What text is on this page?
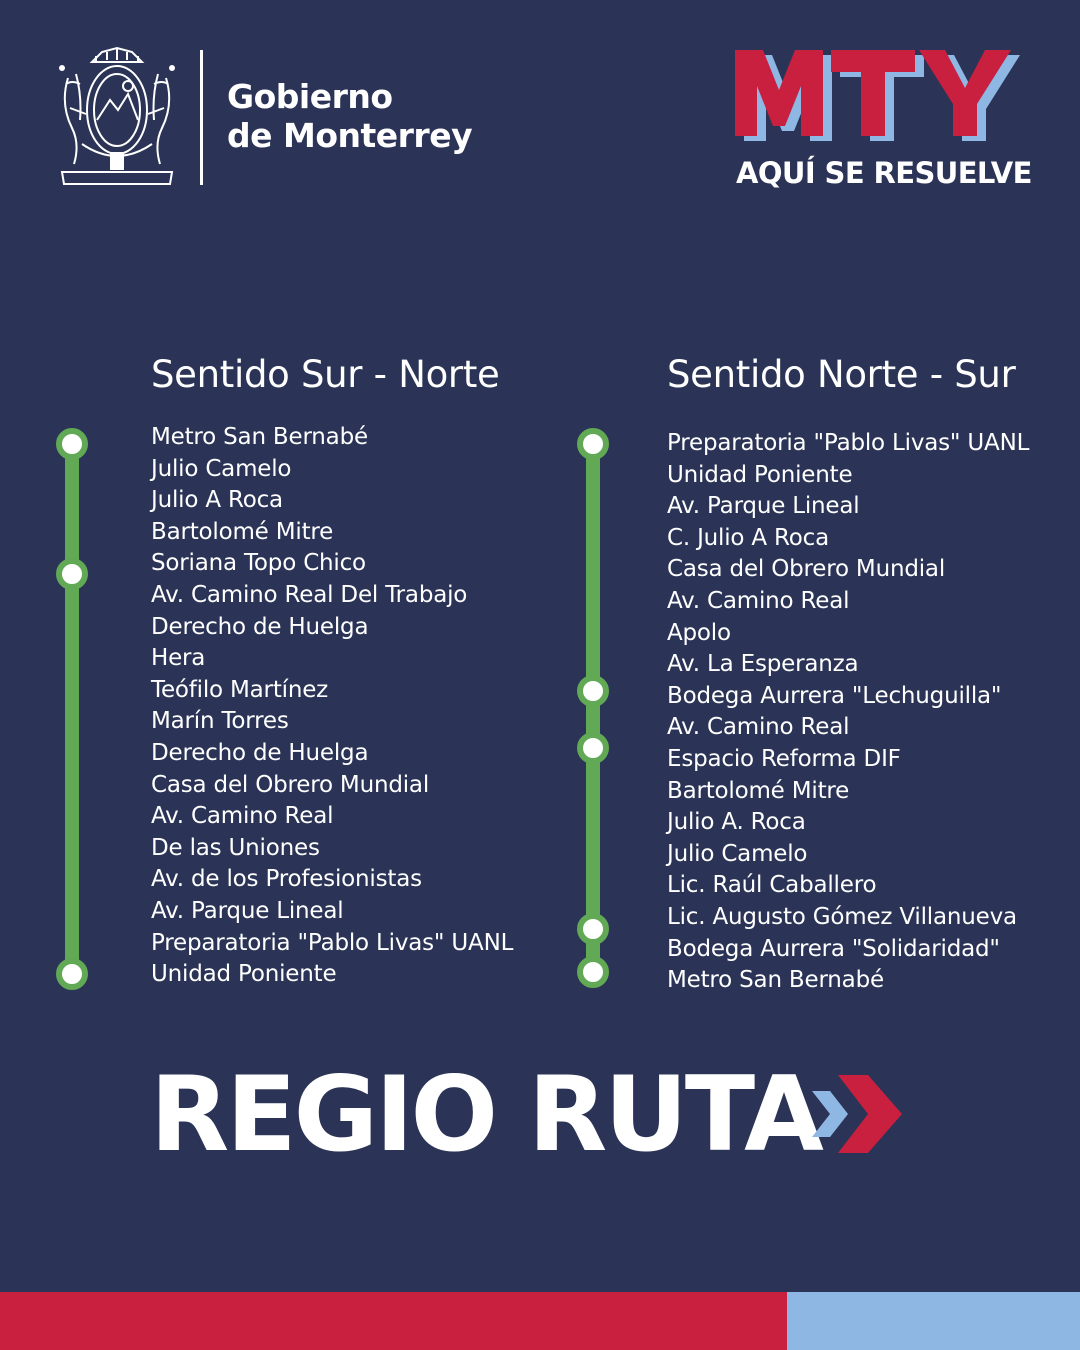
Gobierno
de Monterrey
AQUÍ SE RESUELVE
Sentido Sur - Norte
Metro San Bernabé
Julio Camelo
Julio A Roca
Bartolomé Mitre
Soriana Topo Chico
Av. Camino Real Del Trabajo
Derecho de Huelga
Hera
Teófilo Martínez
Marín Torres
Derecho de Huelga
Casa del Obrero Mundial
Av. Camino Real
De las Uniones
Av. de los Profesionistas
Av. Parque Lineal
Preparatoria "Pablo Livas" UANL
Unidad Poniente
Sentido Norte - Sur
Preparatoria "Pablo Livas" UANL
Unidad Poniente
Av. Parque Lineal
C. Julio A Roca
Casa del Obrero Mundial
Av. Camino Real
Apolo
Av. La Esperanza
Bodega Aurrera "Lechuguilla"
Av. Camino Real
Espacio Reforma DIF
Bartolomé Mitre
Julio A. Roca
Julio Camelo
Lic. Raúl Caballero
Lic. Augusto Gómez Villanueva
Bodega Aurrera "Solidaridad"
Metro San Bernabé
REGIO RUTA
